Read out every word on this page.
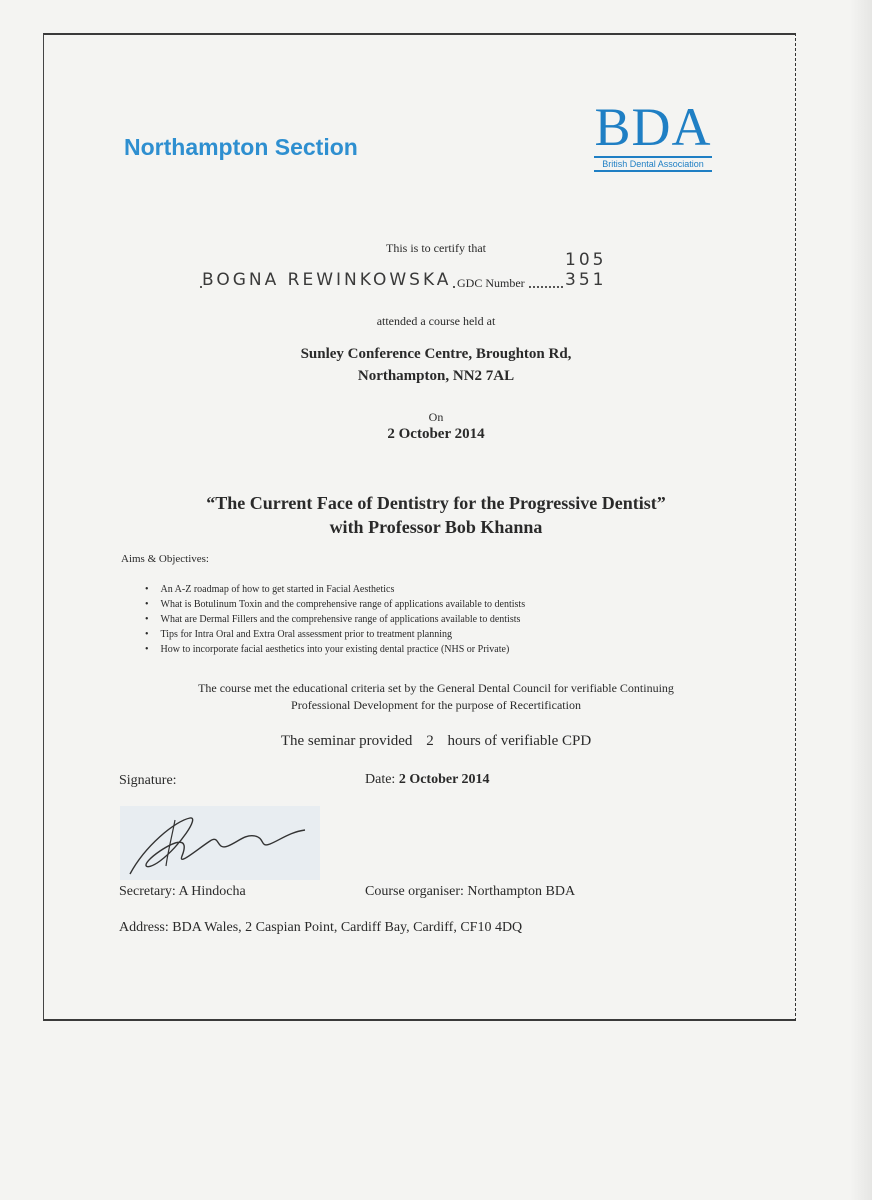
Northampton Section	BDA
British Dental Association
This is to certify that
BOGNA REWINKOWSKA GDC Number
105 351
attended a course held at
Sunley Conference Centre, Broughton Rd,
Northampton, NN2 7AL
On
2 October 2014
“The Current Face of Dentistry for the Progressive Dentist”
with Professor Bob Khanna
Aims & Objectives:
• An A-Z roadmap of how to get started in Facial Aesthetics
• What is Botulinum Toxin and the comprehensive range of applications available to dentists
• What are Dermal Fillers and the comprehensive range of applications available to dentists
• Tips for Intra Oral and Extra Oral assessment prior to treatment planning
• How to incorporate facial aesthetics into your existing dental practice (NHS or Private)
The course met the educational criteria set by the General Dental Council for verifiable Continuing
Professional Development for the purpose of Recertification
The seminar provided 2 hours of verifiable CPD
Signature:	Date: 2 October 2014
Secretary: A Hindocha	Course organiser: Northampton BDA
Address: BDA Wales, 2 Caspian Point, Cardiff Bay, Cardiff, CF10 4DQ
